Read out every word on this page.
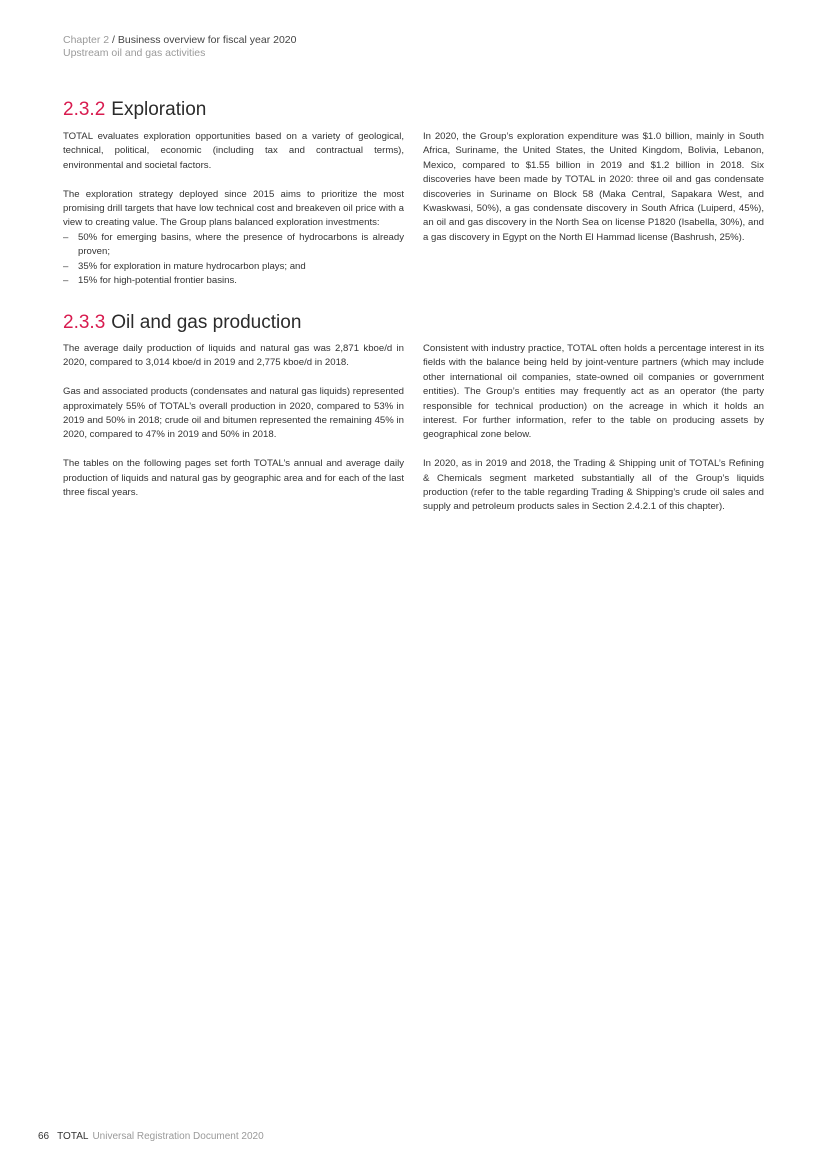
Chapter 2 / Business overview for fiscal year 2020
Upstream oil and gas activities
2.3.2 Exploration

TOTAL evaluates exploration opportunities based on a variety of geological, technical, political, economic (including tax and contractual terms), environmental and societal factors.

The exploration strategy deployed since 2015 aims to prioritize the most promising drill targets that have low technical cost and breakeven oil price with a view to creating value. The Group plans balanced exploration investments:

– 50% for emerging basins, where the presence of hydrocarbons is already proven;
– 35% for exploration in mature hydrocarbon plays; and
– 15% for high-potential frontier basins.

In 2020, the Group’s exploration expenditure was $1.0 billion, mainly in South Africa, Suriname, the United States, the United Kingdom, Bolivia, Lebanon, Mexico, compared to $1.55 billion in 2019 and $1.2 billion in 2018. Six discoveries have been made by TOTAL in 2020: three oil and gas condensate discoveries in Suriname on Block 58 (Maka Central, Sapakara West, and Kwaskwasi, 50%), a gas condensate discovery in South Africa (Luiperd, 45%), an oil and gas discovery in the North Sea on license P1820 (Isabella, 30%), and a gas discovery in Egypt on the North El Hammad license (Bashrush, 25%).

2.3.3 Oil and gas production

The average daily production of liquids and natural gas was 2,871 kboe/d in 2020, compared to 3,014 kboe/d in 2019 and 2,775 kboe/d in 2018.

Gas and associated products (condensates and natural gas liquids) represented approximately 55% of TOTAL’s overall production in 2020, compared to 53% in 2019 and 50% in 2018; crude oil and bitumen represented the remaining 45% in 2020, compared to 47% in 2019 and 50% in 2018.

The tables on the following pages set forth TOTAL’s annual and average daily production of liquids and natural gas by geographic area and for each of the last three fiscal years.

Consistent with industry practice, TOTAL often holds a percentage interest in its fields with the balance being held by joint-venture partners (which may include other international oil companies, state-owned oil companies or government entities). The Group’s entities may frequently act as an operator (the party responsible for technical production) on the acreage in which it holds an interest. For further information, refer to the table on producing assets by geographical zone below.

In 2020, as in 2019 and 2018, the Trading & Shipping unit of TOTAL’s Refining & Chemicals segment marketed substantially all of the Group’s liquids production (refer to the table regarding Trading & Shipping’s crude oil sales and supply and petroleum products sales in Section 2.4.2.1 of this chapter).

66 TOTAL Universal Registration Document 2020
